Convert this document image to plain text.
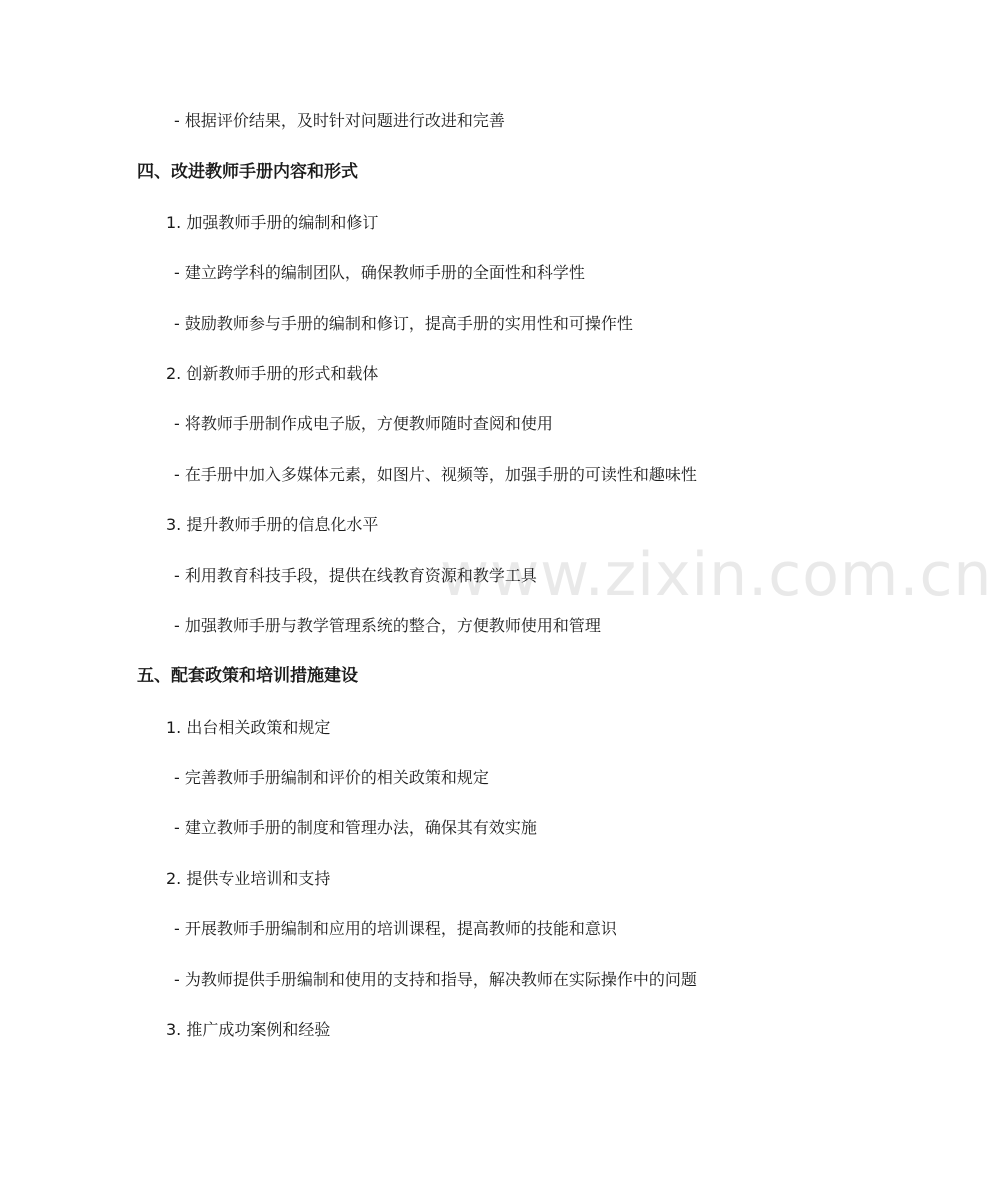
www.zixin.com.cn
- 根据评价结果，及时针对问题进行改进和完善
四、改进教师手册内容和形式
1. 加强教师手册的编制和修订
- 建立跨学科的编制团队，确保教师手册的全面性和科学性
- 鼓励教师参与手册的编制和修订，提高手册的实用性和可操作性
2. 创新教师手册的形式和载体
- 将教师手册制作成电子版，方便教师随时查阅和使用
- 在手册中加入多媒体元素，如图片、视频等，加强手册的可读性和趣味性
3. 提升教师手册的信息化水平
- 利用教育科技手段，提供在线教育资源和教学工具
- 加强教师手册与教学管理系统的整合，方便教师使用和管理
五、配套政策和培训措施建设
1. 出台相关政策和规定
- 完善教师手册编制和评价的相关政策和规定
- 建立教师手册的制度和管理办法，确保其有效实施
2. 提供专业培训和支持
- 开展教师手册编制和应用的培训课程，提高教师的技能和意识
- 为教师提供手册编制和使用的支持和指导，解决教师在实际操作中的问题
3. 推广成功案例和经验
